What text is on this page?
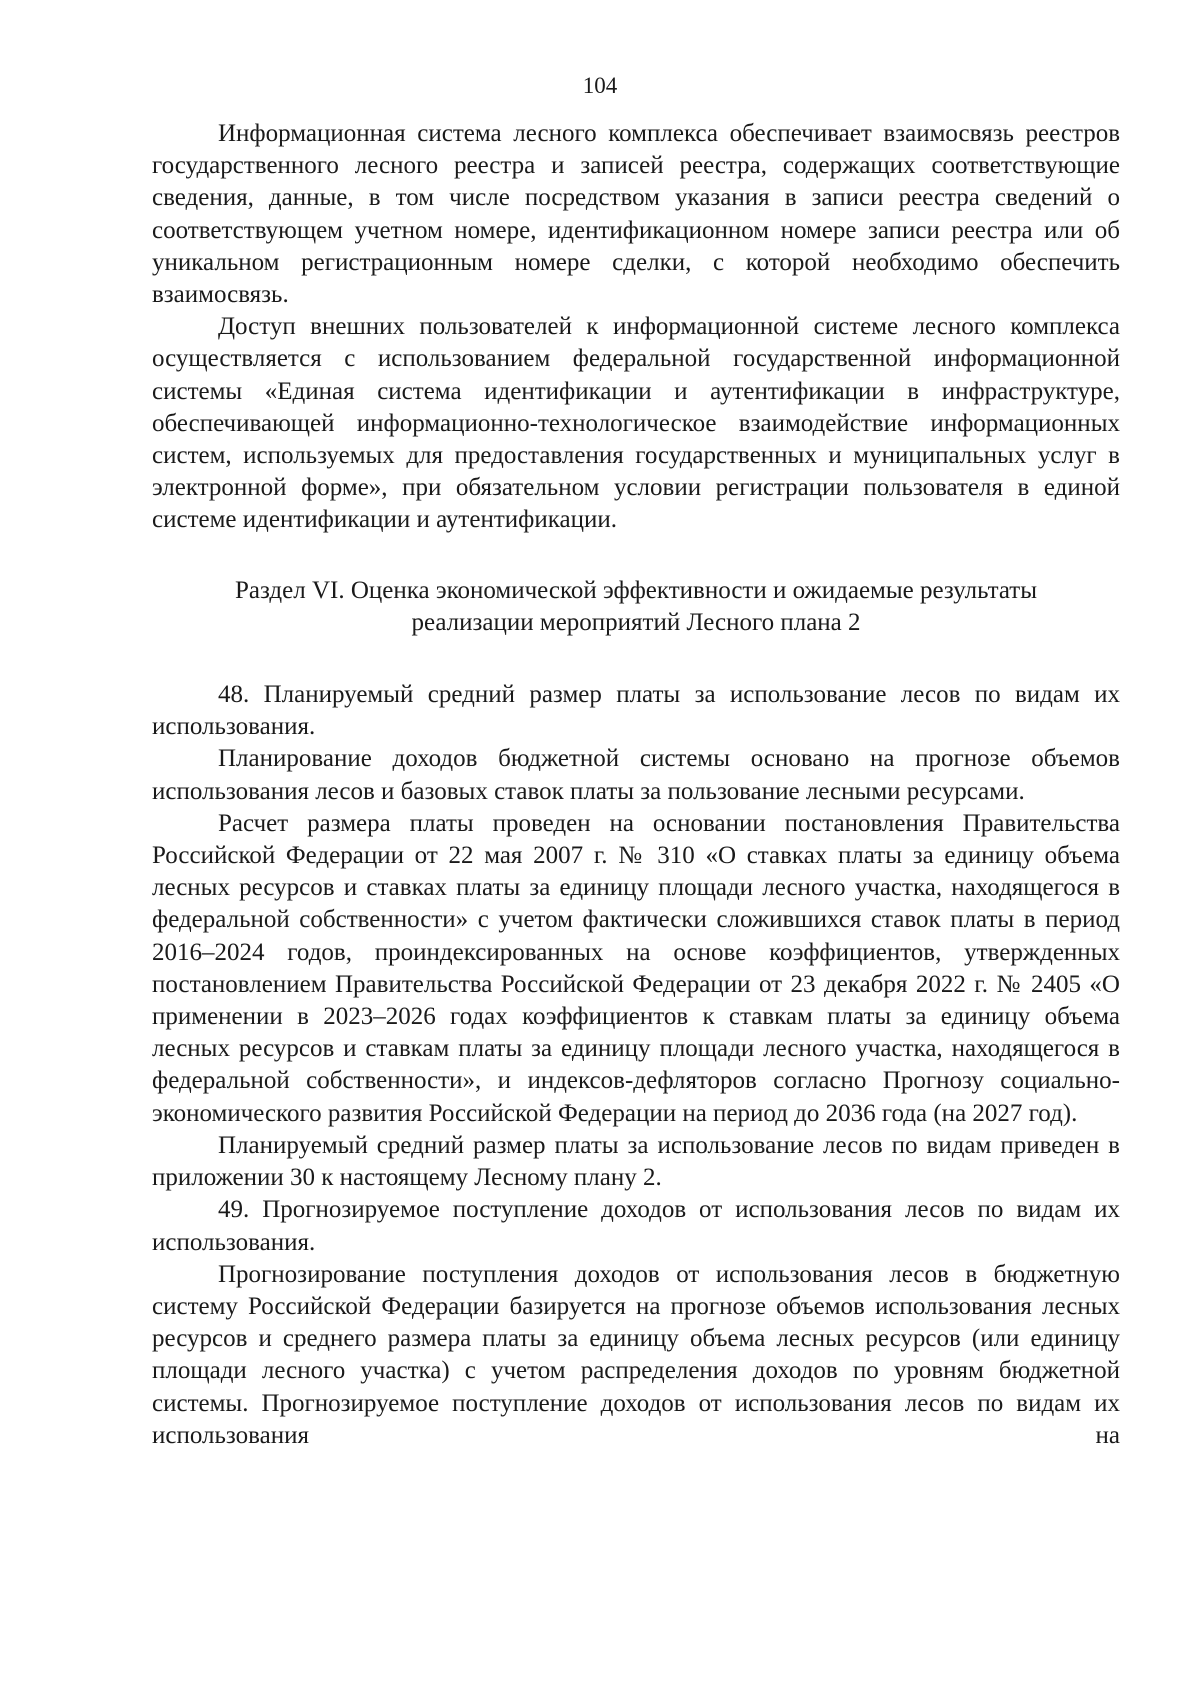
104

Информационная система лесного комплекса обеспечивает взаимосвязь реестров государственного лесного реестра и записей реестра, содержащих соответствующие сведения, данные, в том числе посредством указания в записи реестра сведений о соответствующем учетном номере, идентификационном номере записи реестра или об уникальном регистрационным номере сделки, с которой необходимо обеспечить взаимосвязь.

Доступ внешних пользователей к информационной системе лесного комплекса осуществляется с использованием федеральной государственной информационной системы «Единая система идентификации и аутентификации в инфраструктуре, обеспечивающей информационно-технологическое взаимодействие информационных систем, используемых для предоставления государственных и муниципальных услуг в электронной форме», при обязательном условии регистрации пользователя в единой системе идентификации и аутентификации.

Раздел VI. Оценка экономической эффективности и ожидаемые результаты
реализации мероприятий Лесного плана 2

48. Планируемый средний размер платы за использование лесов по видам их использования.

Планирование доходов бюджетной системы основано на прогнозе объемов использования лесов и базовых ставок платы за пользование лесными ресурсами.

Расчет размера платы проведен на основании постановления Правительства Российской Федерации от 22 мая 2007 г. № 310 «О ставках платы за единицу объема лесных ресурсов и ставках платы за единицу площади лесного участка, находящегося в федеральной собственности» с учетом фактически сложившихся ставок платы в период 2016–2024 годов, проиндексированных на основе коэффициентов, утвержденных постановлением Правительства Российской Федерации от 23 декабря 2022 г. № 2405 «О применении в 2023–2026 годах коэффициентов к ставкам платы за единицу объема лесных ресурсов и ставкам платы за единицу площади лесного участка, находящегося в федеральной собственности», и индексов-дефляторов согласно Прогнозу социально-экономического развития Российской Федерации на период до 2036 года (на 2027 год).

Планируемый средний размер платы за использование лесов по видам приведен в приложении 30 к настоящему Лесному плану 2.

49. Прогнозируемое поступление доходов от использования лесов по видам их использования.

Прогнозирование поступления доходов от использования лесов в бюджетную систему Российской Федерации базируется на прогнозе объемов использования лесных ресурсов и среднего размера платы за единицу объема лесных ресурсов (или единицу площади лесного участка) с учетом распределения доходов по уровням бюджетной системы. Прогнозируемое поступление доходов от использования лесов по видам их использования на
